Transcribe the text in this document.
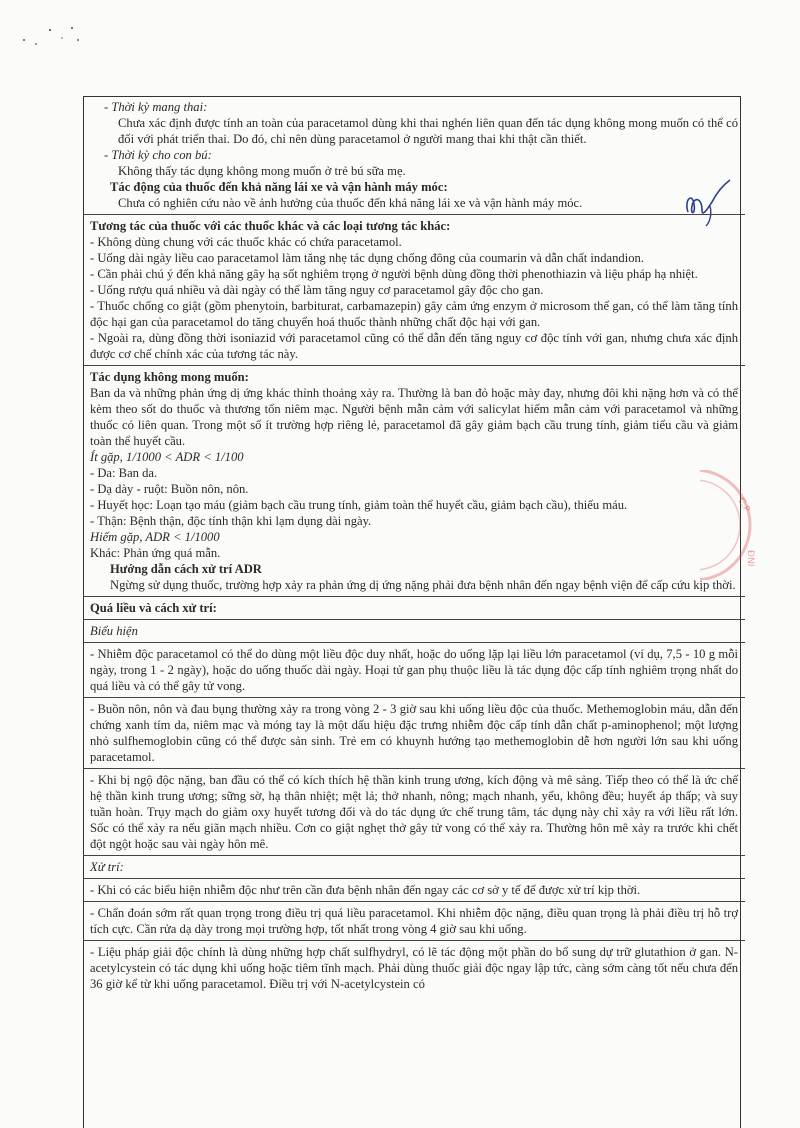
C.P
ĐNI

- Thời kỳ mang thai:

Chưa xác định được tính an toàn của paracetamol dùng khi thai nghén liên quan đến tác dụng không mong muốn có thể có đối với phát triển thai. Do đó, chỉ nên dùng paracetamol ở người mang thai khi thật cần thiết.

- Thời kỳ cho con bú:

Không thấy tác dụng không mong muốn ở trẻ bú sữa mẹ.

Tác động của thuốc đến khả năng lái xe và vận hành máy móc:

Chưa có nghiên cứu nào về ảnh hưởng của thuốc đến khả năng lái xe và vận hành máy móc.

Tương tác của thuốc với các thuốc khác và các loại tương tác khác:

- Không dùng chung với các thuốc khác có chứa paracetamol.

- Uống dài ngày liều cao paracetamol làm tăng nhẹ tác dụng chống đông của coumarin và dẫn chất indandion.

- Cần phải chú ý đến khả năng gây hạ sốt nghiêm trọng ở người bệnh dùng đồng thời phenothiazin và liệu pháp hạ nhiệt.

- Uống rượu quá nhiều và dài ngày có thể làm tăng nguy cơ paracetamol gây độc cho gan.

- Thuốc chống co giật (gồm phenytoin, barbiturat, carbamazepin) gây cảm ứng enzym ở microsom thể gan, có thể làm tăng tính độc hại gan của paracetamol do tăng chuyển hoá thuốc thành những chất độc hại với gan.

- Ngoài ra, dùng đồng thời isoniazid với paracetamol cũng có thể dẫn đến tăng nguy cơ độc tính với gan, nhưng chưa xác định được cơ chế chính xác của tương tác này.

Tác dụng không mong muốn:

Ban da và những phản ứng dị ứng khác thỉnh thoảng xảy ra. Thường là ban đỏ hoặc mày đay, nhưng đôi khi nặng hơn và có thể kèm theo sốt do thuốc và thương tổn niêm mạc. Người bệnh mẫn cảm với salicylat hiếm mẫn cảm với paracetamol và những thuốc có liên quan. Trong một số ít trường hợp riêng lẻ, paracetamol đã gây giảm bạch cầu trung tính, giảm tiểu cầu và giảm toàn thể huyết cầu.

Ít gặp, 1/1000 < ADR < 1/100

- Da: Ban da.

- Dạ dày - ruột: Buồn nôn, nôn.

- Huyết học: Loạn tạo máu (giảm bạch cầu trung tính, giảm toàn thể huyết cầu, giảm bạch cầu), thiếu máu.

- Thận: Bệnh thận, độc tính thận khi lạm dụng dài ngày.

Hiếm gặp, ADR < 1/1000

Khác: Phản ứng quá mẫn.

Hướng dẫn cách xử trí ADR

Ngừng sử dụng thuốc, trường hợp xảy ra phản ứng dị ứng nặng phải đưa bệnh nhân đến ngay bệnh viện để cấp cứu kịp thời.

Quá liều và cách xử trí:

Biểu hiện

- Nhiễm độc paracetamol có thể do dùng một liều độc duy nhất, hoặc do uống lặp lại liều lớn paracetamol (ví dụ, 7,5 - 10 g mỗi ngày, trong 1 - 2 ngày), hoặc do uống thuốc dài ngày. Hoại tử gan phụ thuộc liều là tác dụng độc cấp tính nghiêm trọng nhất do quá liều và có thể gây tử vong.

- Buồn nôn, nôn và đau bụng thường xảy ra trong vòng 2 - 3 giờ sau khi uống liều độc của thuốc. Methemoglobin máu, dẫn đến chứng xanh tím da, niêm mạc và móng tay là một dấu hiệu đặc trưng nhiễm độc cấp tính dẫn chất p-aminophenol; một lượng nhỏ sulfhemoglobin cũng có thể được sản sinh. Trẻ em có khuynh hướng tạo methemoglobin dễ hơn người lớn sau khi uống paracetamol.

- Khi bị ngộ độc nặng, ban đầu có thể có kích thích hệ thần kinh trung ương, kích động và mê sảng. Tiếp theo có thể là ức chế hệ thần kinh trung ương; sững sờ, hạ thân nhiệt; mệt lả; thở nhanh, nông; mạch nhanh, yếu, không đều; huyết áp thấp; và suy tuần hoàn. Trụy mạch do giảm oxy huyết tương đối và do tác dụng ức chế trung tâm, tác dụng này chỉ xảy ra với liều rất lớn. Sốc có thể xảy ra nếu giãn mạch nhiều. Cơn co giật nghẹt thở gây tử vong có thể xảy ra. Thường hôn mê xảy ra trước khi chết đột ngột hoặc sau vài ngày hôn mê.

Xử trí:

- Khi có các biểu hiện nhiễm độc như trên cần đưa bệnh nhân đến ngay các cơ sở y tế để được xử trí kịp thời.

- Chẩn đoán sớm rất quan trọng trong điều trị quá liều paracetamol. Khi nhiễm độc nặng, điều quan trọng là phải điều trị hỗ trợ tích cực. Cần rửa dạ dày trong mọi trường hợp, tốt nhất trong vòng 4 giờ sau khi uống.

- Liệu pháp giải độc chính là dùng những hợp chất sulfhydryl, có lẽ tác động một phần do bổ sung dự trữ glutathion ở gan. N-acetylcystein có tác dụng khi uống hoặc tiêm tĩnh mạch. Phải dùng thuốc giải độc ngay lập tức, càng sớm càng tốt nếu chưa đến 36 giờ kể từ khi uống paracetamol. Điều trị với N-acetylcystein có
